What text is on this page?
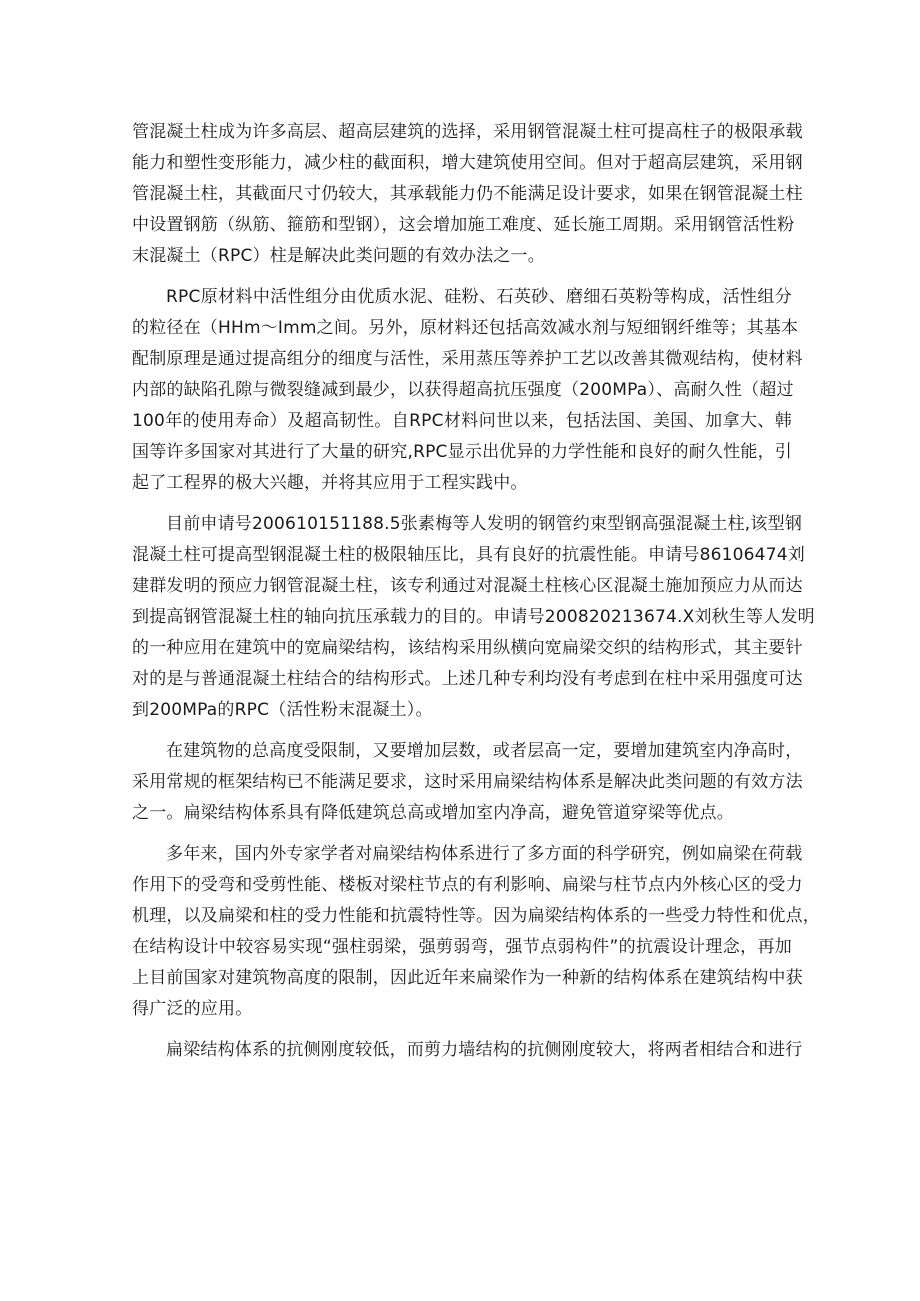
管混凝土柱成为许多高层、超高层建筑的选择，采用钢管混凝土柱可提高柱子的极限承载
能力和塑性变形能力，减少柱的截面积，增大建筑使用空间。但对于超高层建筑，采用钢
管混凝土柱，其截面尺寸仍较大，其承载能力仍不能满足设计要求，如果在钢管混凝土柱
中设置钢筋（纵筋、箍筋和型钢），这会增加施工难度、延长施工周期。采用钢管活性粉
末混凝土（RPC）柱是解决此类问题的有效办法之一。
RPC原材料中活性组分由优质水泥、硅粉、石英砂、磨细石英粉等构成，活性组分
的粒径在（HHm～Imm之间。另外，原材料还包括高效减水剂与短细钢纤维等；其基本
配制原理是通过提高组分的细度与活性，采用蒸压等养护工艺以改善其微观结构，使材料
内部的缺陷孔隙与微裂缝减到最少，以获得超高抗压强度（200MPa）、高耐久性（超过
100年的使用寿命）及超高韧性。自RPC材料问世以来，包括法国、美国、加拿大、韩
国等许多国家对其进行了大量的研究,RPC显示出优异的力学性能和良好的耐久性能，引
起了工程界的极大兴趣，并将其应用于工程实践中。
目前申请号200610151188.5张素梅等人发明的钢管约束型钢高强混凝土柱,该型钢
混凝土柱可提高型钢混凝土柱的极限轴压比，具有良好的抗震性能。申请号86106474刘
建群发明的预应力钢管混凝土柱，该专利通过对混凝土柱核心区混凝土施加预应力从而达
到提高钢管混凝土柱的轴向抗压承载力的目的。申请号200820213674.X刘秋生等人发明
的一种应用在建筑中的宽扁梁结构，该结构采用纵横向宽扁梁交织的结构形式，其主要针
对的是与普通混凝土柱结合的结构形式。上述几种专利均没有考虑到在柱中采用强度可达
到200MPa的RPC（活性粉末混凝土）。
在建筑物的总高度受限制，又要增加层数，或者层高一定，要增加建筑室内净高时，
采用常规的框架结构已不能满足要求，这时采用扁梁结构体系是解决此类问题的有效方法
之一。扁梁结构体系具有降低建筑总高或增加室内净高，避免管道穿梁等优点。
多年来，国内外专家学者对扁梁结构体系进行了多方面的科学研究，例如扁梁在荷载
作用下的受弯和受剪性能、楼板对梁柱节点的有利影响、扁梁与柱节点内外核心区的受力
机理，以及扁梁和柱的受力性能和抗震特性等。因为扁梁结构体系的一些受力特性和优点，
在结构设计中较容易实现“强柱弱梁，强剪弱弯，强节点弱构件”的抗震设计理念，再加
上目前国家对建筑物高度的限制，因此近年来扁梁作为一种新的结构体系在建筑结构中获
得广泛的应用。
扁梁结构体系的抗侧刚度较低，而剪力墙结构的抗侧刚度较大，将两者相结合和进行
